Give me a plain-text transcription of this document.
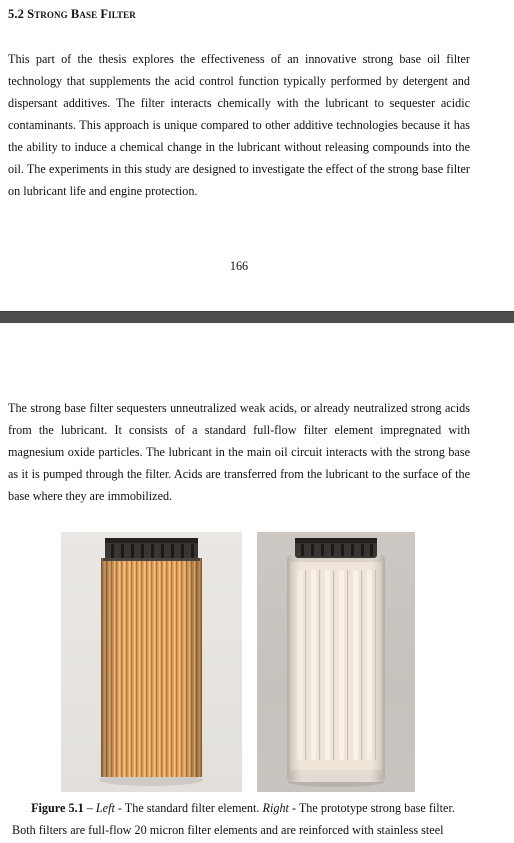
5.2 Strong Base Filter

This part of the thesis explores the effectiveness of an innovative strong base oil filter technology that supplements the acid control function typically performed by detergent and dispersant additives. The filter interacts chemically with the lubricant to sequester acidic contaminants. This approach is unique compared to other additive technologies because it has the ability to induce a chemical change in the lubricant without releasing compounds into the oil. The experiments in this study are designed to investigate the effect of the strong base filter on lubricant life and engine protection.

166

The strong base filter sequesters unneutralized weak acids, or already neutralized strong acids from the lubricant. It consists of a standard full-flow filter element impregnated with magnesium oxide particles. The lubricant in the main oil circuit interacts with the strong base as it is pumped through the filter. Acids are transferred from the lubricant to the surface of the base where they are immobilized.

Figure 5.1 – Left - The standard filter element. Right - The prototype strong base filter.
Both filters are full-flow 20 micron filter elements and are reinforced with stainless steel
